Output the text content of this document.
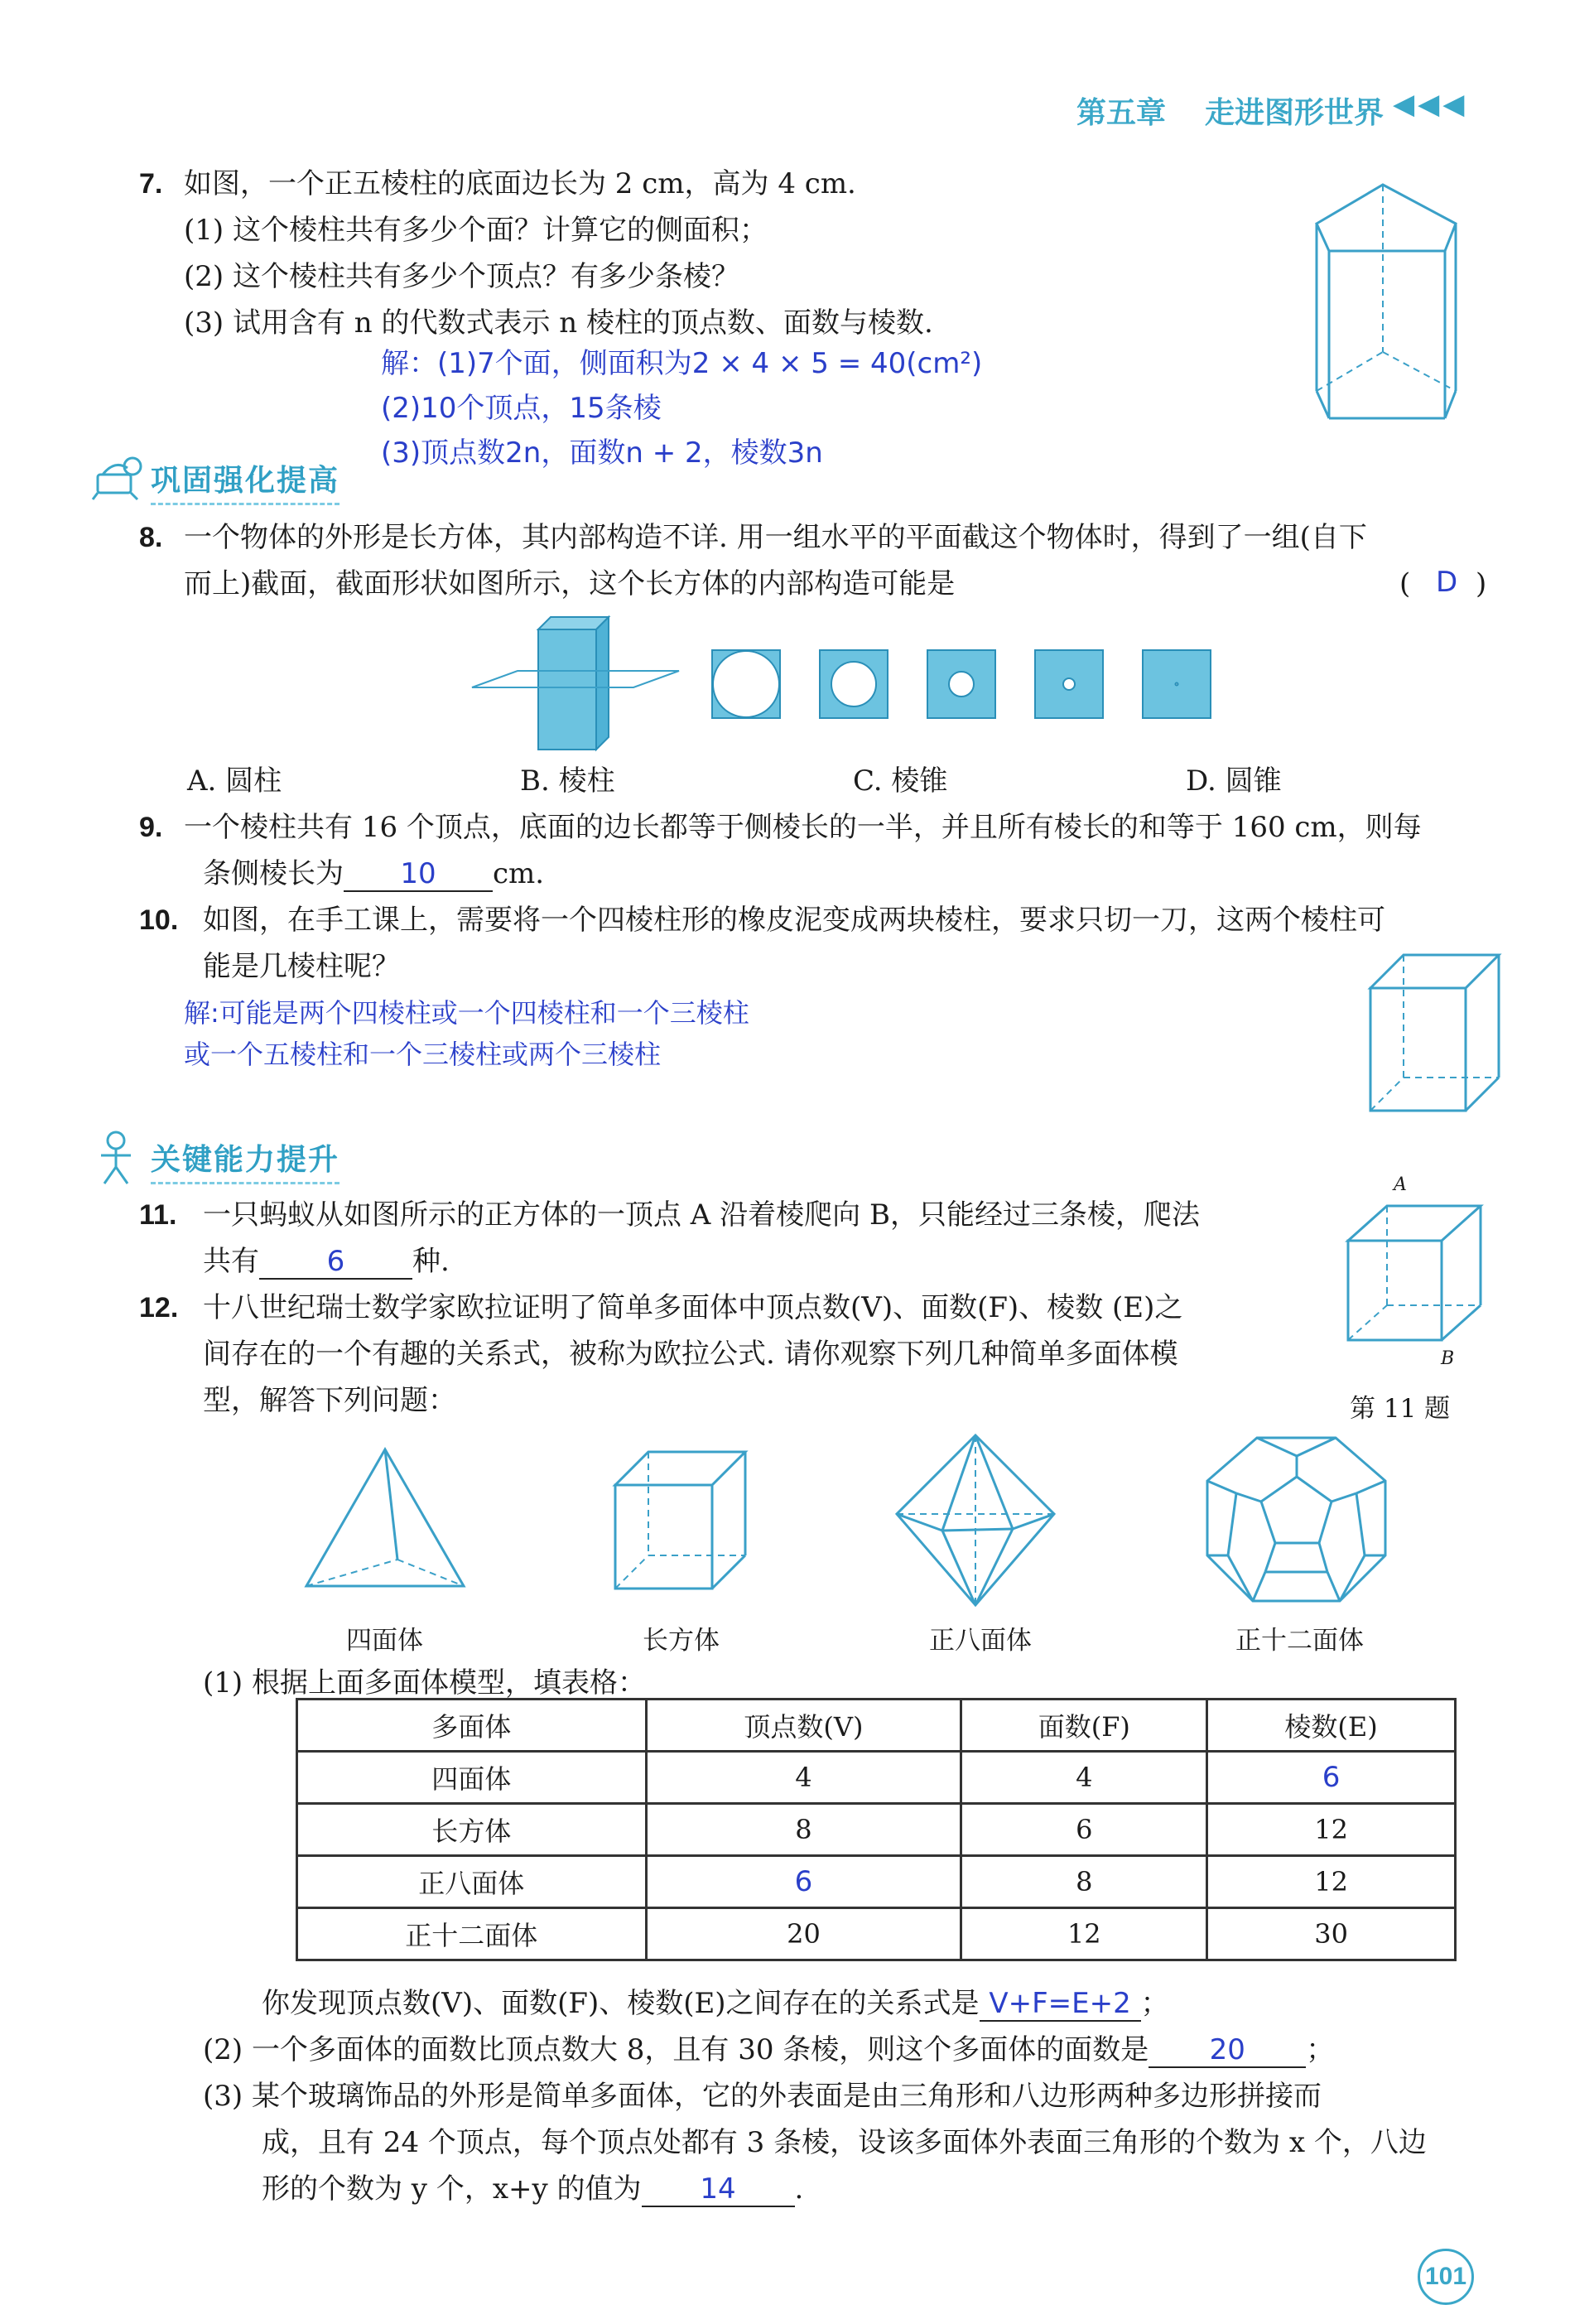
第五章 走进图形世界 ◀◀◀
7. 如图，一个正五棱柱的底面边长为 2 cm，高为 4 cm.
(1) 这个棱柱共有多少个面？计算它的侧面积；
(2) 这个棱柱共有多少个顶点？有多少条棱？
(3) 试用含有 n 的代数式表示 n 棱柱的顶点数、面数与棱数.
解：(1)7个面，侧面积为2 × 4 × 5 = 40(cm²)
(2)10个顶点，15条棱
(3)顶点数2n，面数n + 2，棱数3n
巩固强化提高
8. 一个物体的外形是长方体，其内部构造不详. 用一组水平的平面截这个物体时，得到了一组(自下
而上)截面，截面形状如图所示，这个长方体的内部构造可能是	( D )
A. 圆柱	B. 棱柱	C. 棱锥	D. 圆锥
9. 一个棱柱共有 16 个顶点，底面的边长都等于侧棱长的一半，并且所有棱长的和等于 160 cm，则每
条侧棱长为 10 cm.
10. 如图，在手工课上，需要将一个四棱柱形的橡皮泥变成两块棱柱，要求只切一刀，这两个棱柱可
能是几棱柱呢？
解:可能是两个四棱柱或一个四棱柱和一个三棱柱
或一个五棱柱和一个三棱柱或两个三棱柱
关键能力提升
11. 一只蚂蚁从如图所示的正方体的一顶点 A 沿着棱爬向 B，只能经过三条棱，爬法
共有 6 种.
A
B
第 11 题
12. 十八世纪瑞士数学家欧拉证明了简单多面体中顶点数(V)、面数(F)、棱数 (E)之
间存在的一个有趣的关系式，被称为欧拉公式. 请你观察下列几种简单多面体模
型，解答下列问题：
四面体	长方体	正八面体	正十二面体
(1) 根据上面多面体模型，填表格：
多面体	顶点数(V)	面数(F)	棱数(E)
四面体	4	4	6
长方体	8	6	12
正八面体	6	8	12
正十二面体	20	12	30
你发现顶点数(V)、面数(F)、棱数(E)之间存在的关系式是 V+F=E+2 ；
(2) 一个多面体的面数比顶点数大 8，且有 30 条棱，则这个多面体的面数是 20 ；
(3) 某个玻璃饰品的外形是简单多面体，它的外表面是由三角形和八边形两种多边形拼接而
成，且有 24 个顶点，每个顶点处都有 3 条棱，设该多面体外表面三角形的个数为 x 个，八边
形的个数为 y 个，x+y 的值为 14 .
101
